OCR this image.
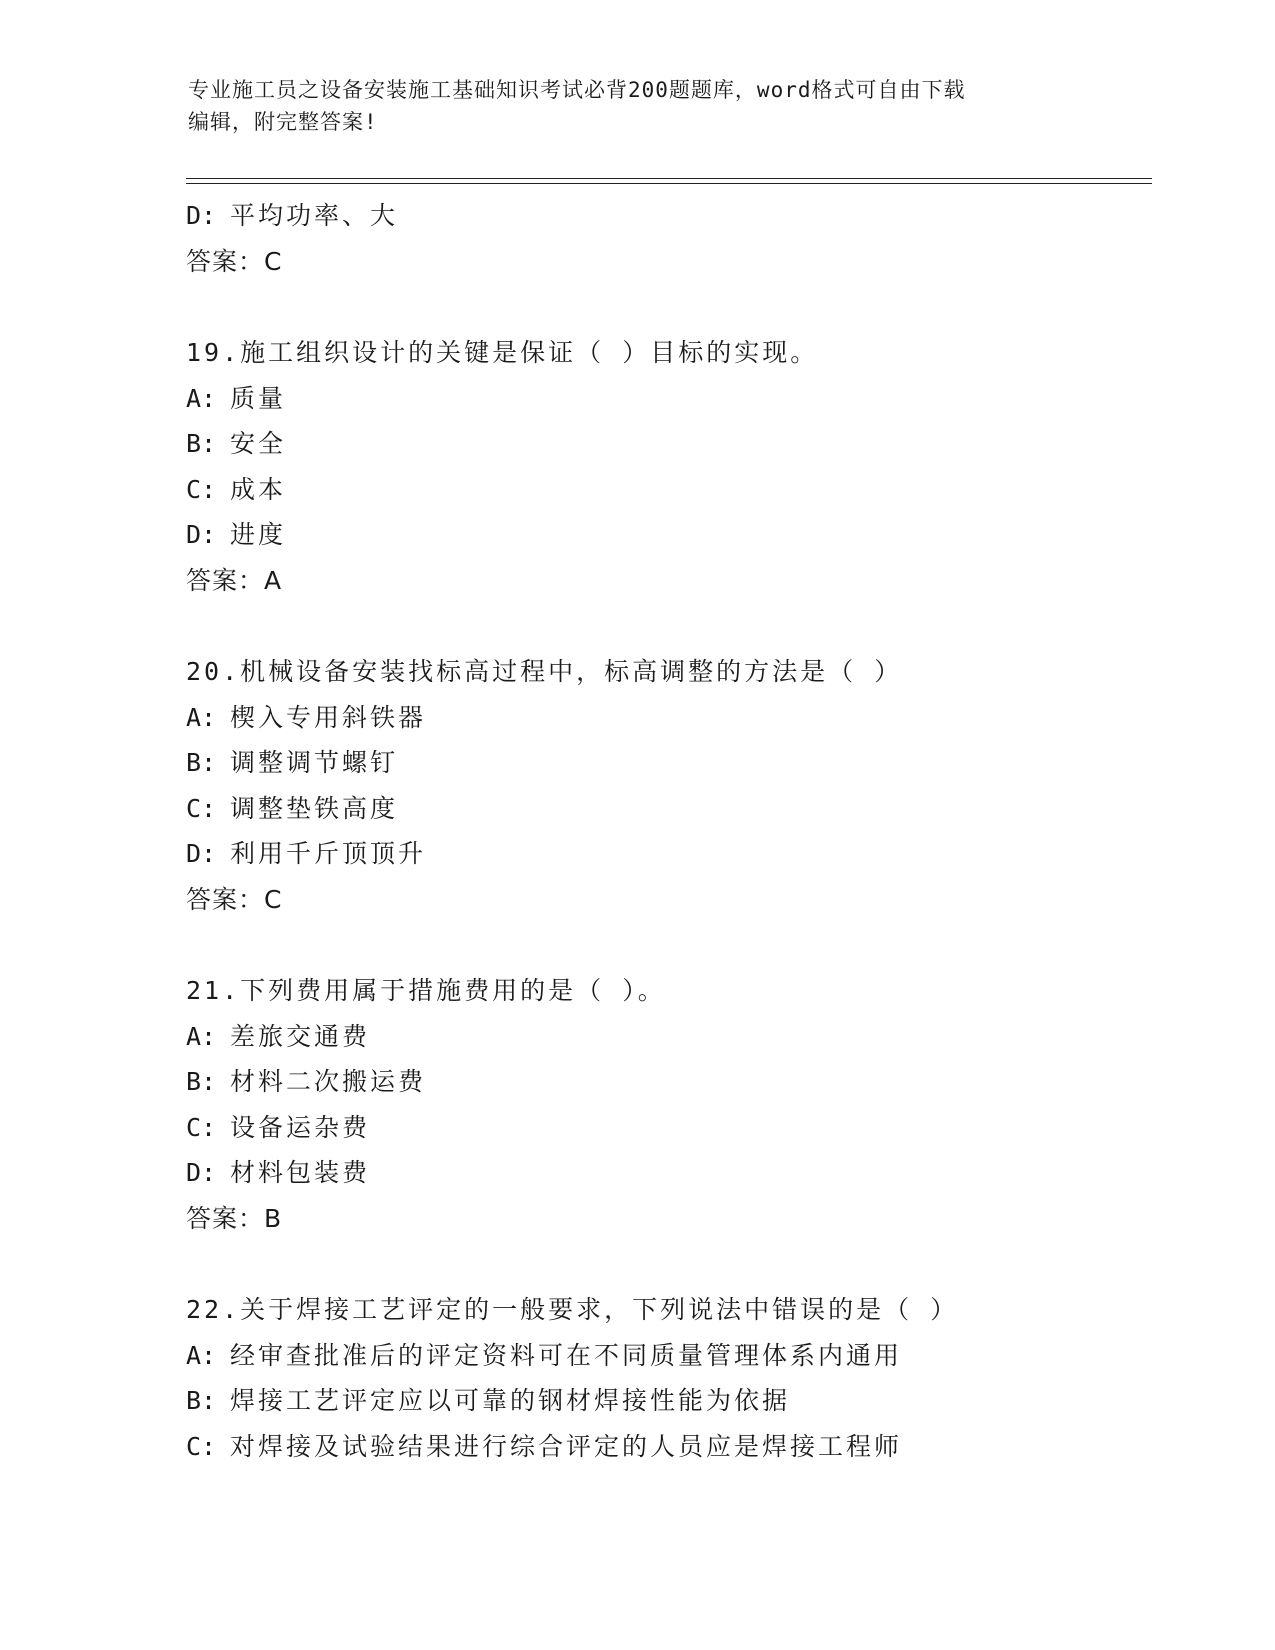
专业施工员之设备安装施工基础知识考试必背200题题库，word格式可自由下载
编辑，附完整答案!
D: 平均功率、大
答案：C
19.施工组织设计的关键是保证（ ）目标的实现。
A: 质量
B: 安全
C: 成本
D: 进度
答案：A
20.机械设备安装找标高过程中，标高调整的方法是（ ）
A: 楔入专用斜铁器
B: 调整调节螺钉
C: 调整垫铁高度
D: 利用千斤顶顶升
答案：C
21.下列费用属于措施费用的是（ ）。
A: 差旅交通费
B: 材料二次搬运费
C: 设备运杂费
D: 材料包装费
答案：B
22.关于焊接工艺评定的一般要求，下列说法中错误的是（ ）
A: 经审查批准后的评定资料可在不同质量管理体系内通用
B: 焊接工艺评定应以可靠的钢材焊接性能为依据
C: 对焊接及试验结果进行综合评定的人员应是焊接工程师
